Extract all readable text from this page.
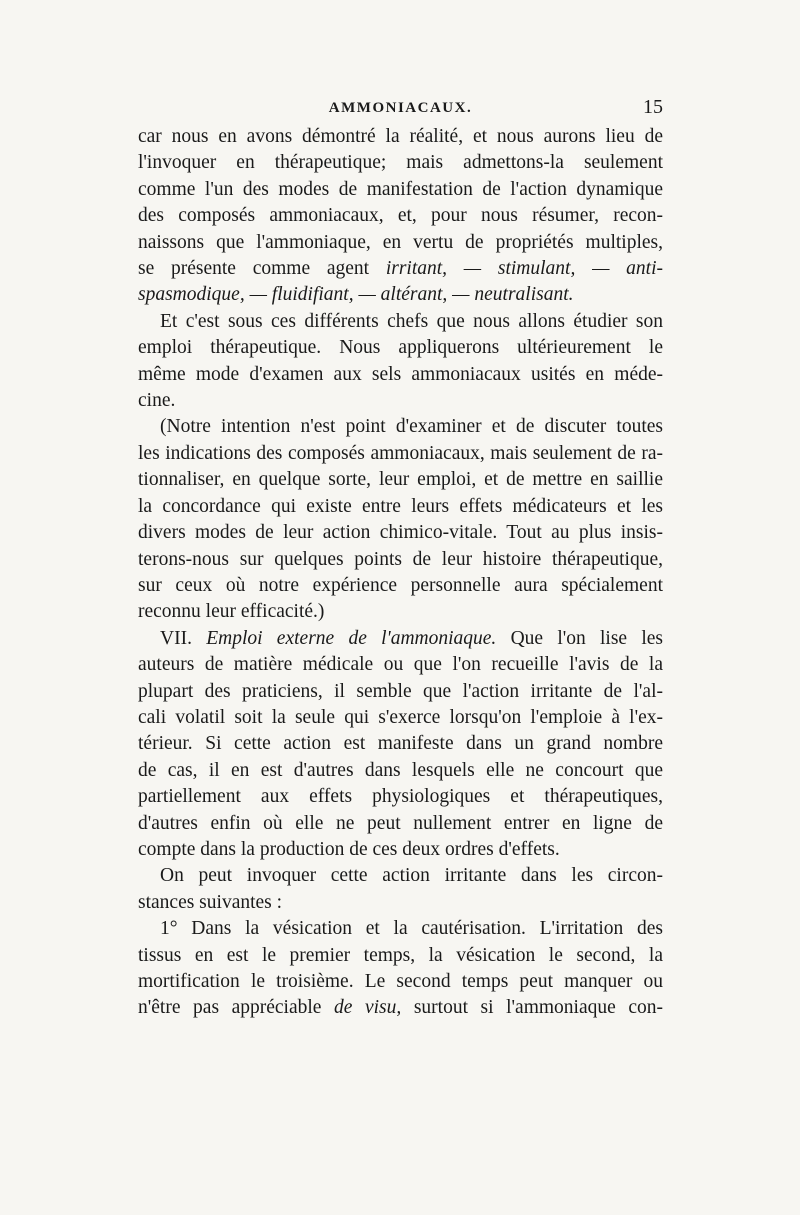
AMMONIACAUX.	15
car nous en avons démontré la réalité, et nous aurons lieu de
l'invoquer en thérapeutique; mais admettons-la seulement
comme l'un des modes de manifestation de l'action dynamique
des composés ammoniacaux, et, pour nous résumer, recon-
naissons que l'ammoniaque, en vertu de propriétés multiples,
se présente comme agent irritant, — stimulant, — anti-
spasmodique, — fluidifiant, — altérant, — neutralisant.
Et c'est sous ces différents chefs que nous allons étudier son
emploi thérapeutique. Nous appliquerons ultérieurement le
même mode d'examen aux sels ammoniacaux usités en méde-
cine.
(Notre intention n'est point d'examiner et de discuter toutes
les indications des composés ammoniacaux, mais seulement de ra-
tionnaliser, en quelque sorte, leur emploi, et de mettre en saillie
la concordance qui existe entre leurs effets médicateurs et les
divers modes de leur action chimico-vitale. Tout au plus insis-
terons-nous sur quelques points de leur histoire thérapeutique,
sur ceux où notre expérience personnelle aura spécialement
reconnu leur efficacité.)
VII. Emploi externe de l'ammoniaque. Que l'on lise les
auteurs de matière médicale ou que l'on recueille l'avis de la
plupart des praticiens, il semble que l'action irritante de l'al-
cali volatil soit la seule qui s'exerce lorsqu'on l'emploie à l'ex-
térieur. Si cette action est manifeste dans un grand nombre
de cas, il en est d'autres dans lesquels elle ne concourt que
partiellement aux effets physiologiques et thérapeutiques,
d'autres enfin où elle ne peut nullement entrer en ligne de
compte dans la production de ces deux ordres d'effets.
On peut invoquer cette action irritante dans les circon-
stances suivantes :
1° Dans la vésication et la cautérisation. L'irritation des
tissus en est le premier temps, la vésication le second, la
mortification le troisième. Le second temps peut manquer ou
n'être pas appréciable de visu, surtout si l'ammoniaque con-
